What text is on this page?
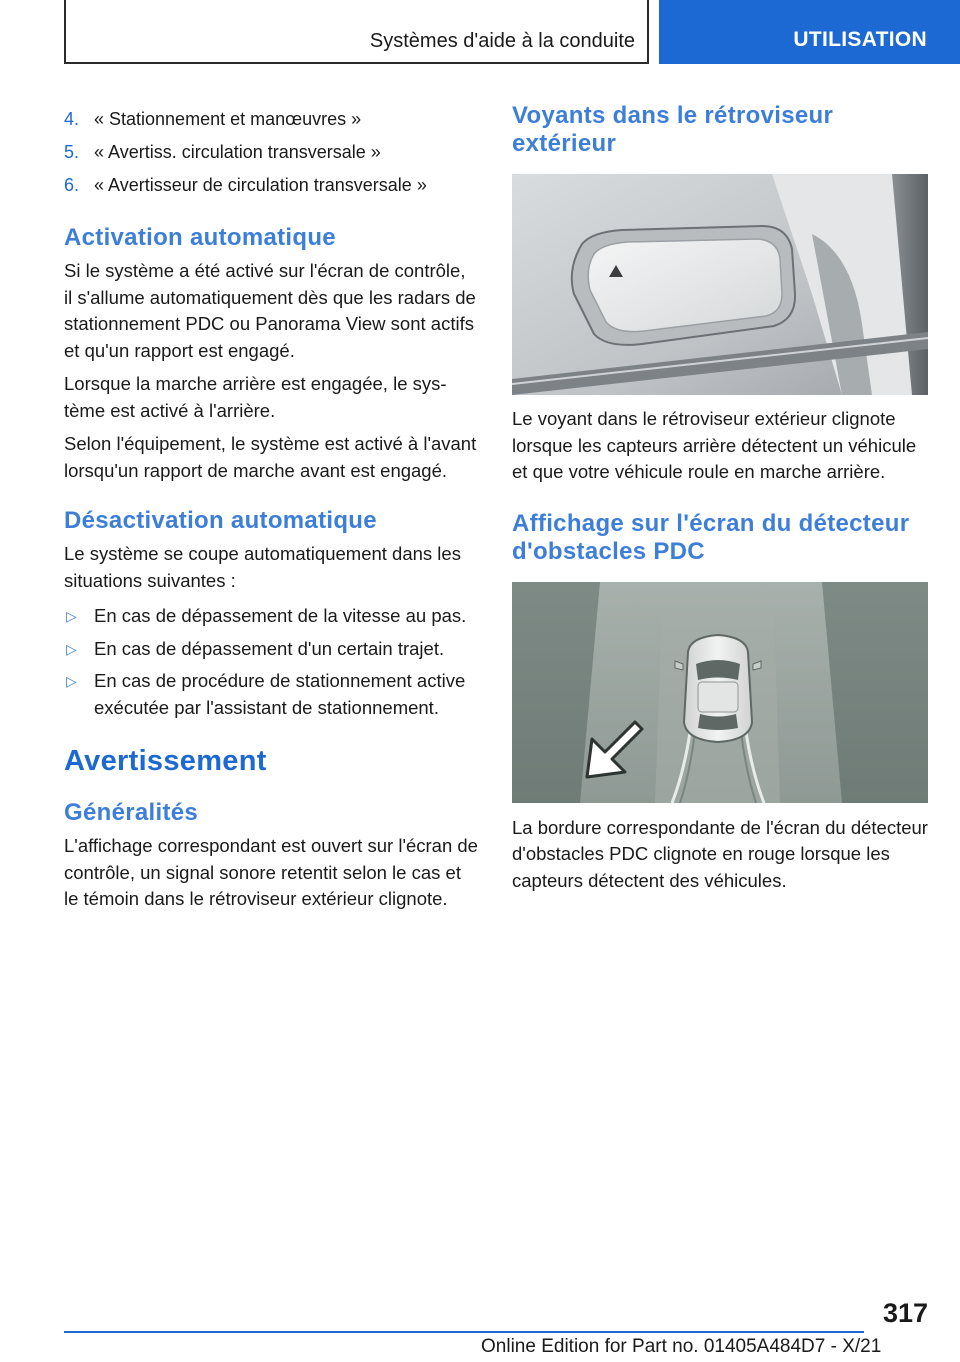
Systèmes d'aide à la conduite	UTILISATION
4. « Stationnement et manœuvres »
5. « Avertiss. circulation transversale »
6. « Avertisseur de circulation transversale »
Activation automatique

Si le système a été activé sur l'écran de contrôle, il s'allume automatiquement dès que les radars de stationnement PDC ou Panorama View sont actifs et qu'un rapport est engagé.

Lorsque la marche arrière est engagée, le système est activé à l'arrière.

Selon l'équipement, le système est activé à l'avant lorsqu'un rapport de marche avant est engagé.

Désactivation automatique

Le système se coupe automatiquement dans les situations suivantes :

▷ En cas de dépassement de la vitesse au pas.
▷ En cas de dépassement d'un certain trajet.
▷ En cas de procédure de stationnement active exécutée par l'assistant de stationnement.
Avertissement
Généralités

L'affichage correspondant est ouvert sur l'écran de contrôle, un signal sonore retentit selon le cas et le témoin dans le rétroviseur extérieur clignote.

Voyants dans le rétroviseur extérieur

Le voyant dans le rétroviseur extérieur clignote lorsque les capteurs arrière détectent un véhicule et que votre véhicule roule en marche arrière.

Affichage sur l'écran du détecteur d'obstacles PDC

La bordure correspondante de l'écran du détecteur d'obstacles PDC clignote en rouge lorsque les capteurs détectent des véhicules.

317
Online Edition for Part no. 01405A484D7 - X/21
